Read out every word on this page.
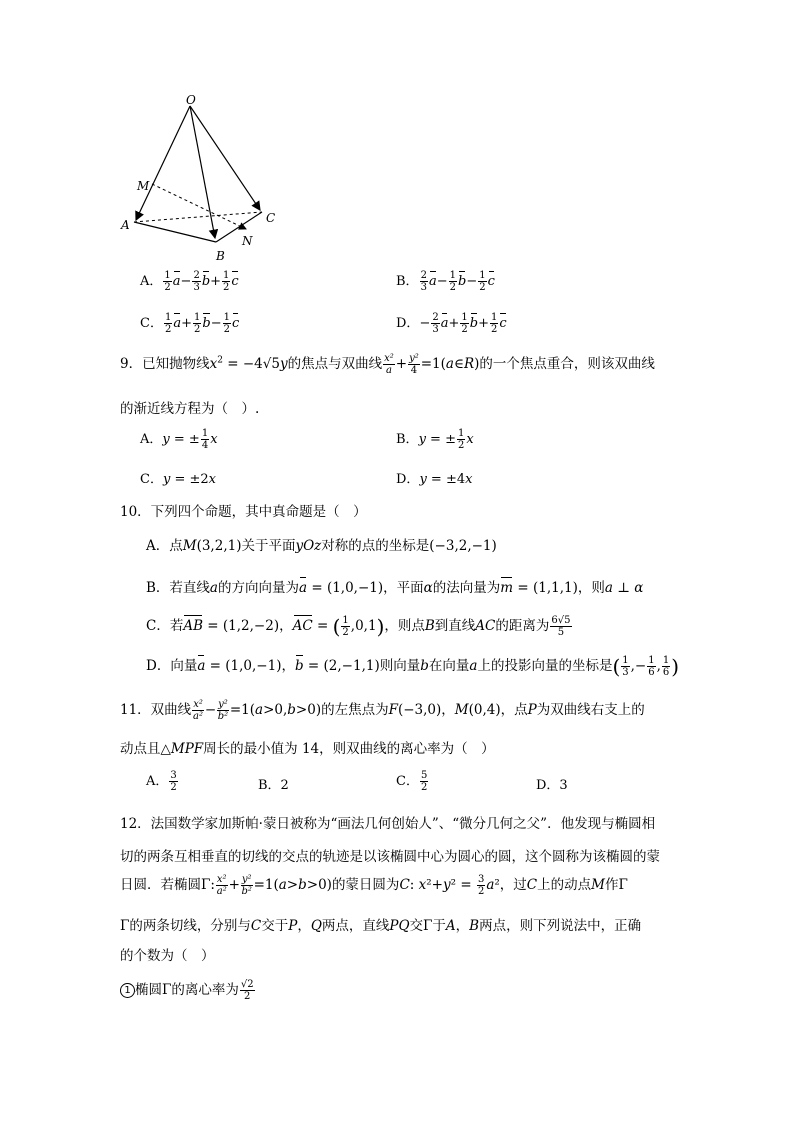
O
M
A
B
C
N
A． $\frac{1}{2} a- \frac{2}{3} b+ \frac{1}{2}$ c	B． $\frac{2}{3} a- \frac{1}{2} b- \frac{1}{2}$ c
C． $\frac{1}{2} a+ \frac{1}{2} b- \frac{1}{2}$ c	D．− $\frac{2}{3} a+ \frac{1}{2} b+ \frac{1}{2}$ c
9．已知抛物线$x^2 = -4√5y$的焦点与双曲线 $\frac{\text{x²}}{a} + \frac{\text{y²}}{4}$ =1(a∈R)的一个焦点重合，则该双曲线
的渐近线方程为（　）.
A．y = ± $\frac{1}{4}$ x	B．y = ± $\frac{1}{2}$ x
C．y = ±2x	D．y = ±4x
10．下列四个命题，其中真命题是（　）
A．点M(3,2,1)关于平面yOz对称的点的坐标是(−3,2,−1)
B．若直线a的方向向量为a = (1,0,−1)，平面α的法向量为m = (1,1,1)，则a ⊥ α
C．若AB = (1,2,−2)，AC = ( $\frac{1}{2} ,0,1$)，则点B到直线AC的距离为 $\frac{6√5}{5}$
D．向量a = (1,0,−1)，b = (2,−1,1)则向量b在向量a上的投影向量的坐标是( $\frac{1}{3}$ ,− $\frac{1}{6}$ , $\frac{1}{6}$ )
11．双曲线 $\frac{\text{x²}}{\text{a²}} - \frac{\text{y²}}{\text{b²}} =1(a>0,b>0)$的左焦点为F(−3,0)，M(0,4)，点P为双曲线右支上的
动点且△MPF周长的最小值为 14，则双曲线的离心率为（　）
A． $\frac{3}{2}$	B．2	C． $\frac{5}{2}$	D．3
12．法国数学家加斯帕·蒙日被称为“画法几何创始人”、“微分几何之父”．他发现与椭圆相
切的两条互相垂直的切线的交点的轨迹是以该椭圆中心为圆心的圆，这个圆称为该椭圆的蒙
日圆．若椭圆Γ: $\frac{\text{x²}}{\text{a²}} + \frac{\text{y²}}{\text{b²}} =1(a>b>0)$的蒙日圆为C: $x^2+y^2 = \frac{3}{2} a^2$，过C上的动点M作Γ
Γ的两条切线，分别与C交于P，Q两点，直线PQ交Γ于A，B两点，则下列说法中，正确
的个数为（　）
1 椭圆Γ的离心率为 $\frac{√2}{2}$
